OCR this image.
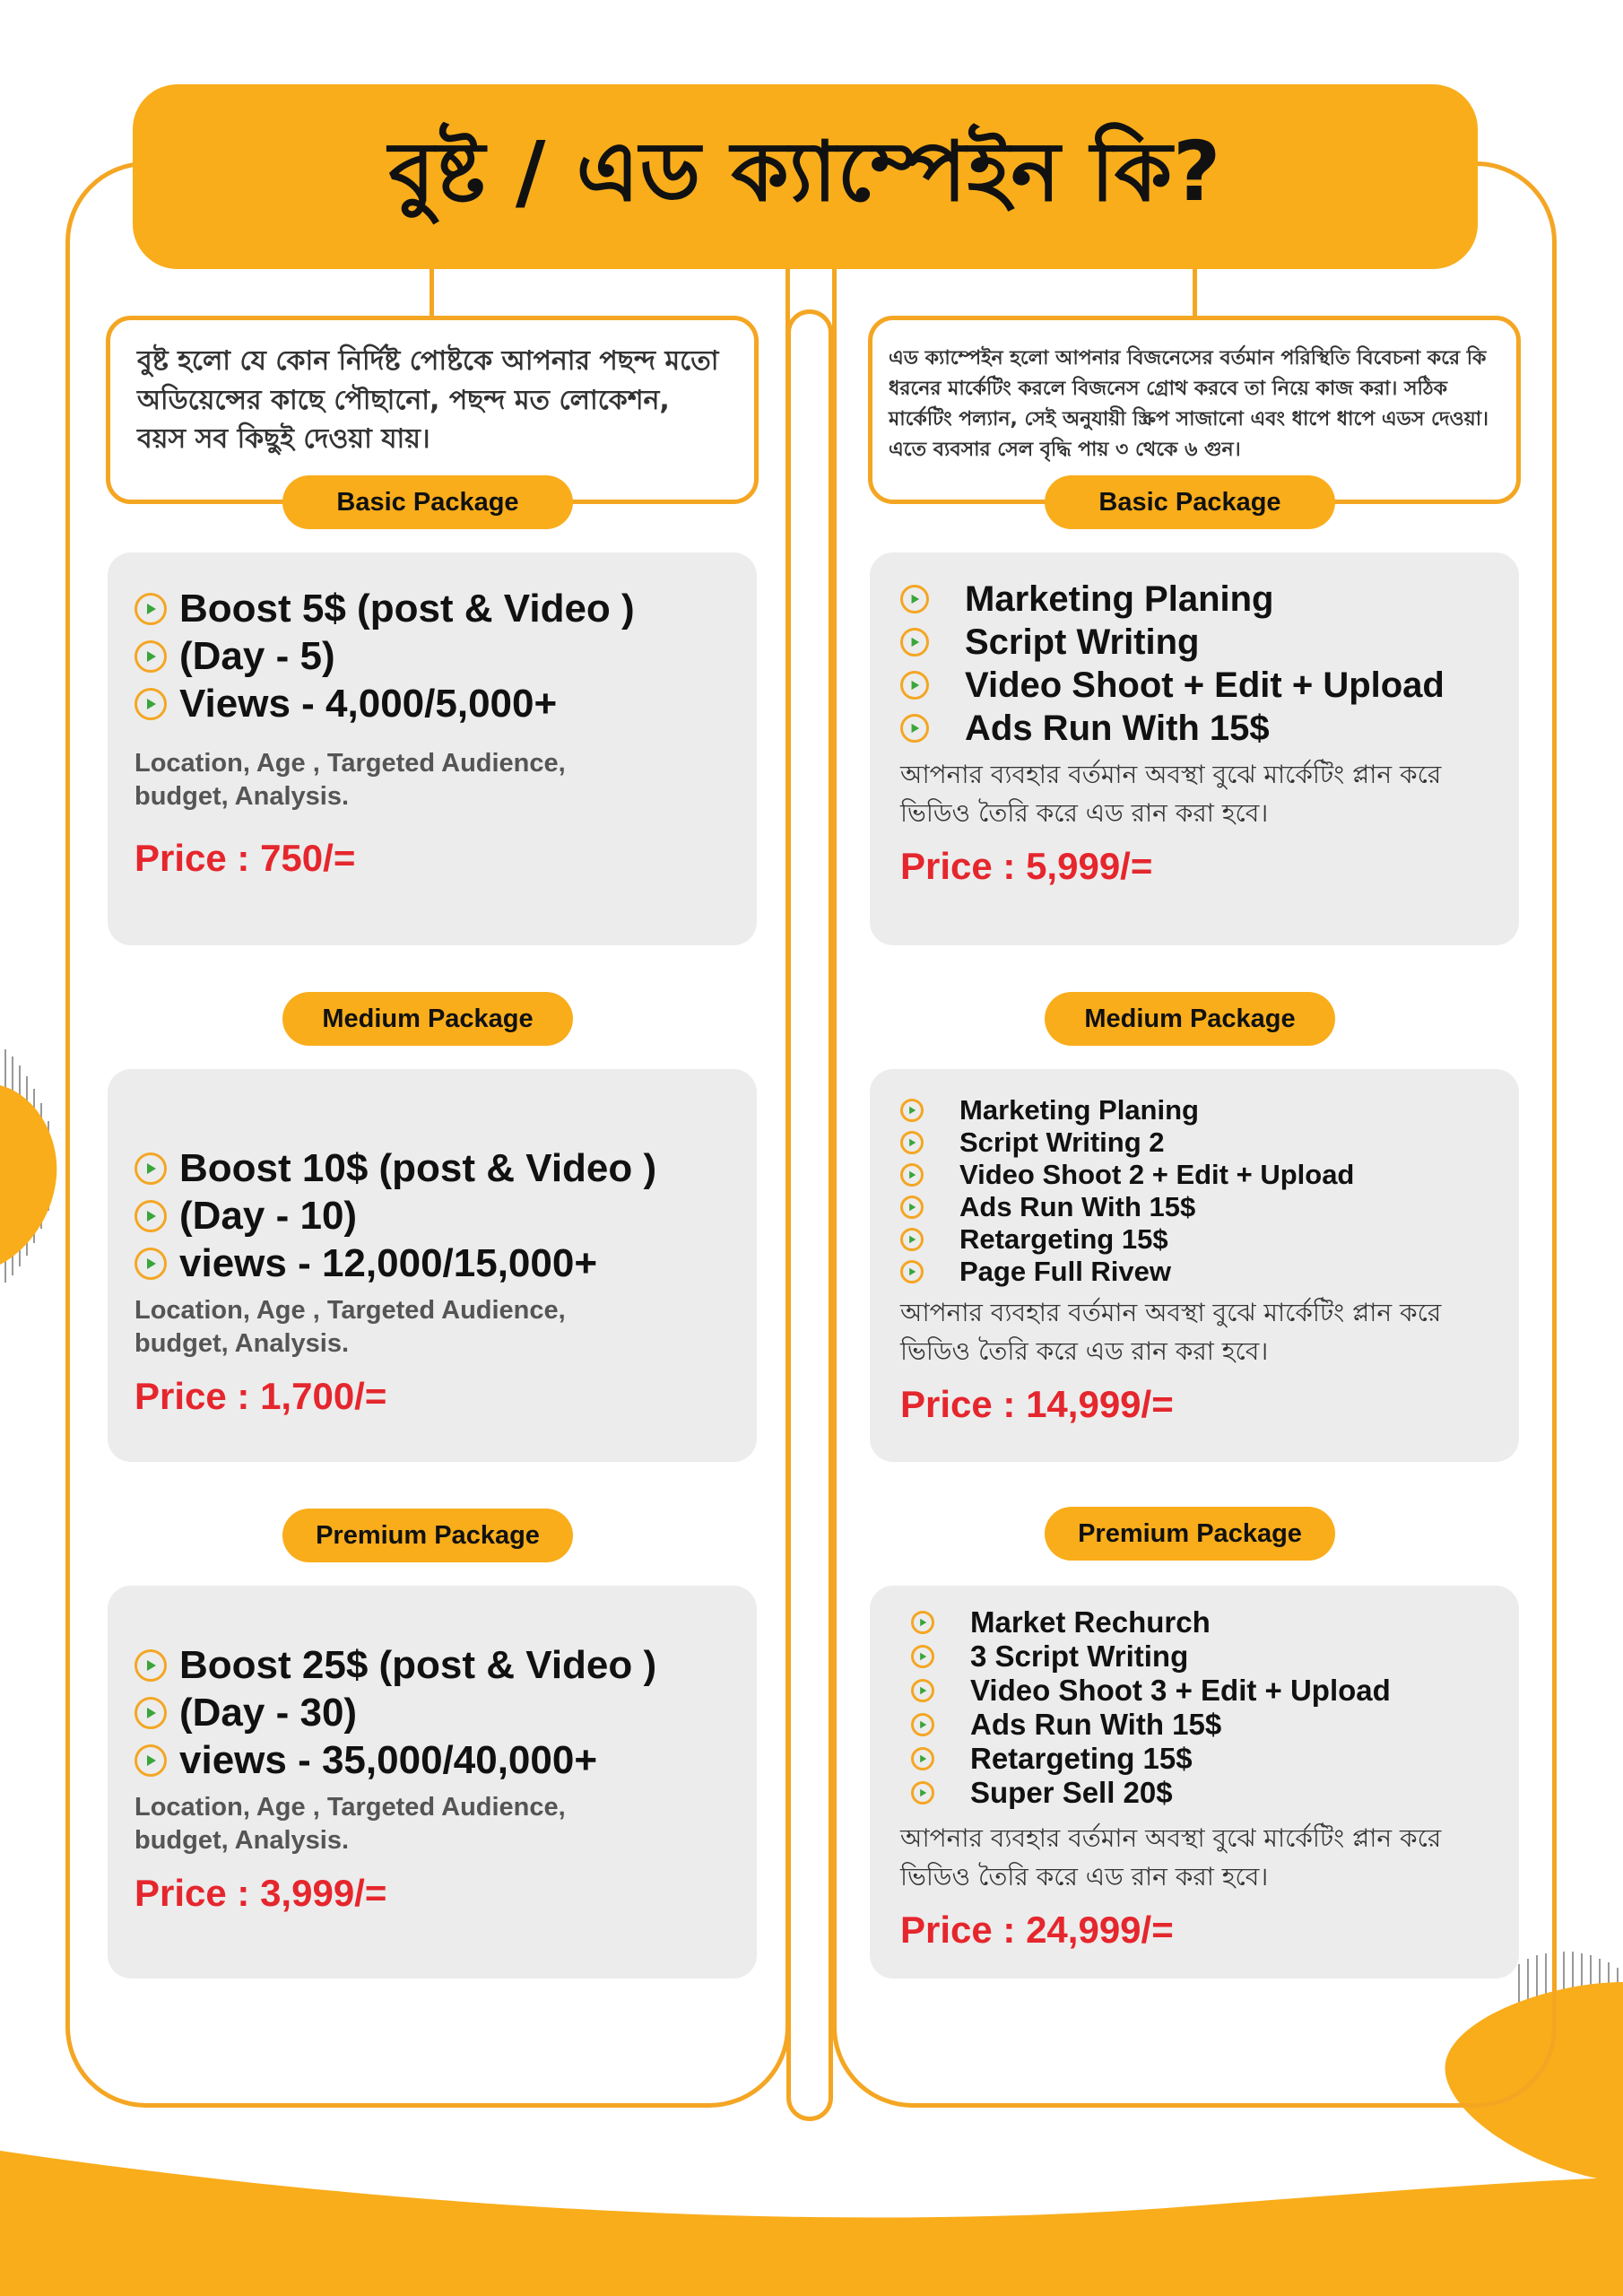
বুষ্ট / এড ক্যাম্পেইন কি?
বুষ্ট হলো যে কোন নির্দিষ্ট পোষ্টকে আপনার পছন্দ মতো অডিয়েন্সের কাছে পৌছানো, পছন্দ মত লোকেশন, বয়স সব কিছুই দেওয়া যায়।
এড ক্যাম্পেইন হলো আপনার বিজনেসের বর্তমান পরিস্থিতি বিবেচনা করে কি ধরনের মার্কেটিং করলে বিজনেস গ্রোথ করবে তা নিয়ে কাজ করা। সঠিক মার্কেটিং পল্যান, সেই অনুযায়ী স্ক্রিপ সাজানো এবং ধাপে ধাপে এডস দেওয়া। এতে ব্যবসার সেল বৃদ্ধি পায় ৩ থেকে ৬ গুন।
Basic Package
Boost 5$ (post & Video )
(Day - 5)
Views - 4,000/5,000+
Location, Age , Targeted Audience, budget, Analysis.
Price : 750/=
Medium Package
Boost 10$ (post & Video )
(Day - 10)
views - 12,000/15,000+
Location, Age , Targeted Audience, budget, Analysis.
Price : 1,700/=
Premium Package
Boost 25$ (post & Video )
(Day - 30)
views - 35,000/40,000+
Location, Age , Targeted Audience, budget, Analysis.
Price : 3,999/=
Basic Package
Marketing Planing
Script Writing
Video Shoot + Edit + Upload
Ads Run With 15$
আপনার ব্যবহার বর্তমান অবস্থা বুঝে মার্কেটিং প্লান করে ভিডিও তৈরি করে এড রান করা হবে।
Price : 5,999/=
Medium Package
Marketing Planing
Script Writing 2
Video Shoot 2 + Edit + Upload
Ads Run With 15$
Retargeting 15$
Page Full Rivew
আপনার ব্যবহার বর্তমান অবস্থা বুঝে মার্কেটিং প্লান করে ভিডিও তৈরি করে এড রান করা হবে।
Price : 14,999/=
Premium Package
Market Rechurch
3 Script Writing
Video Shoot 3 + Edit + Upload
Ads Run With 15$
Retargeting 15$
Super Sell 20$
আপনার ব্যবহার বর্তমান অবস্থা বুঝে মার্কেটিং প্লান করে ভিডিও তৈরি করে এড রান করা হবে।
Price : 24,999/=
